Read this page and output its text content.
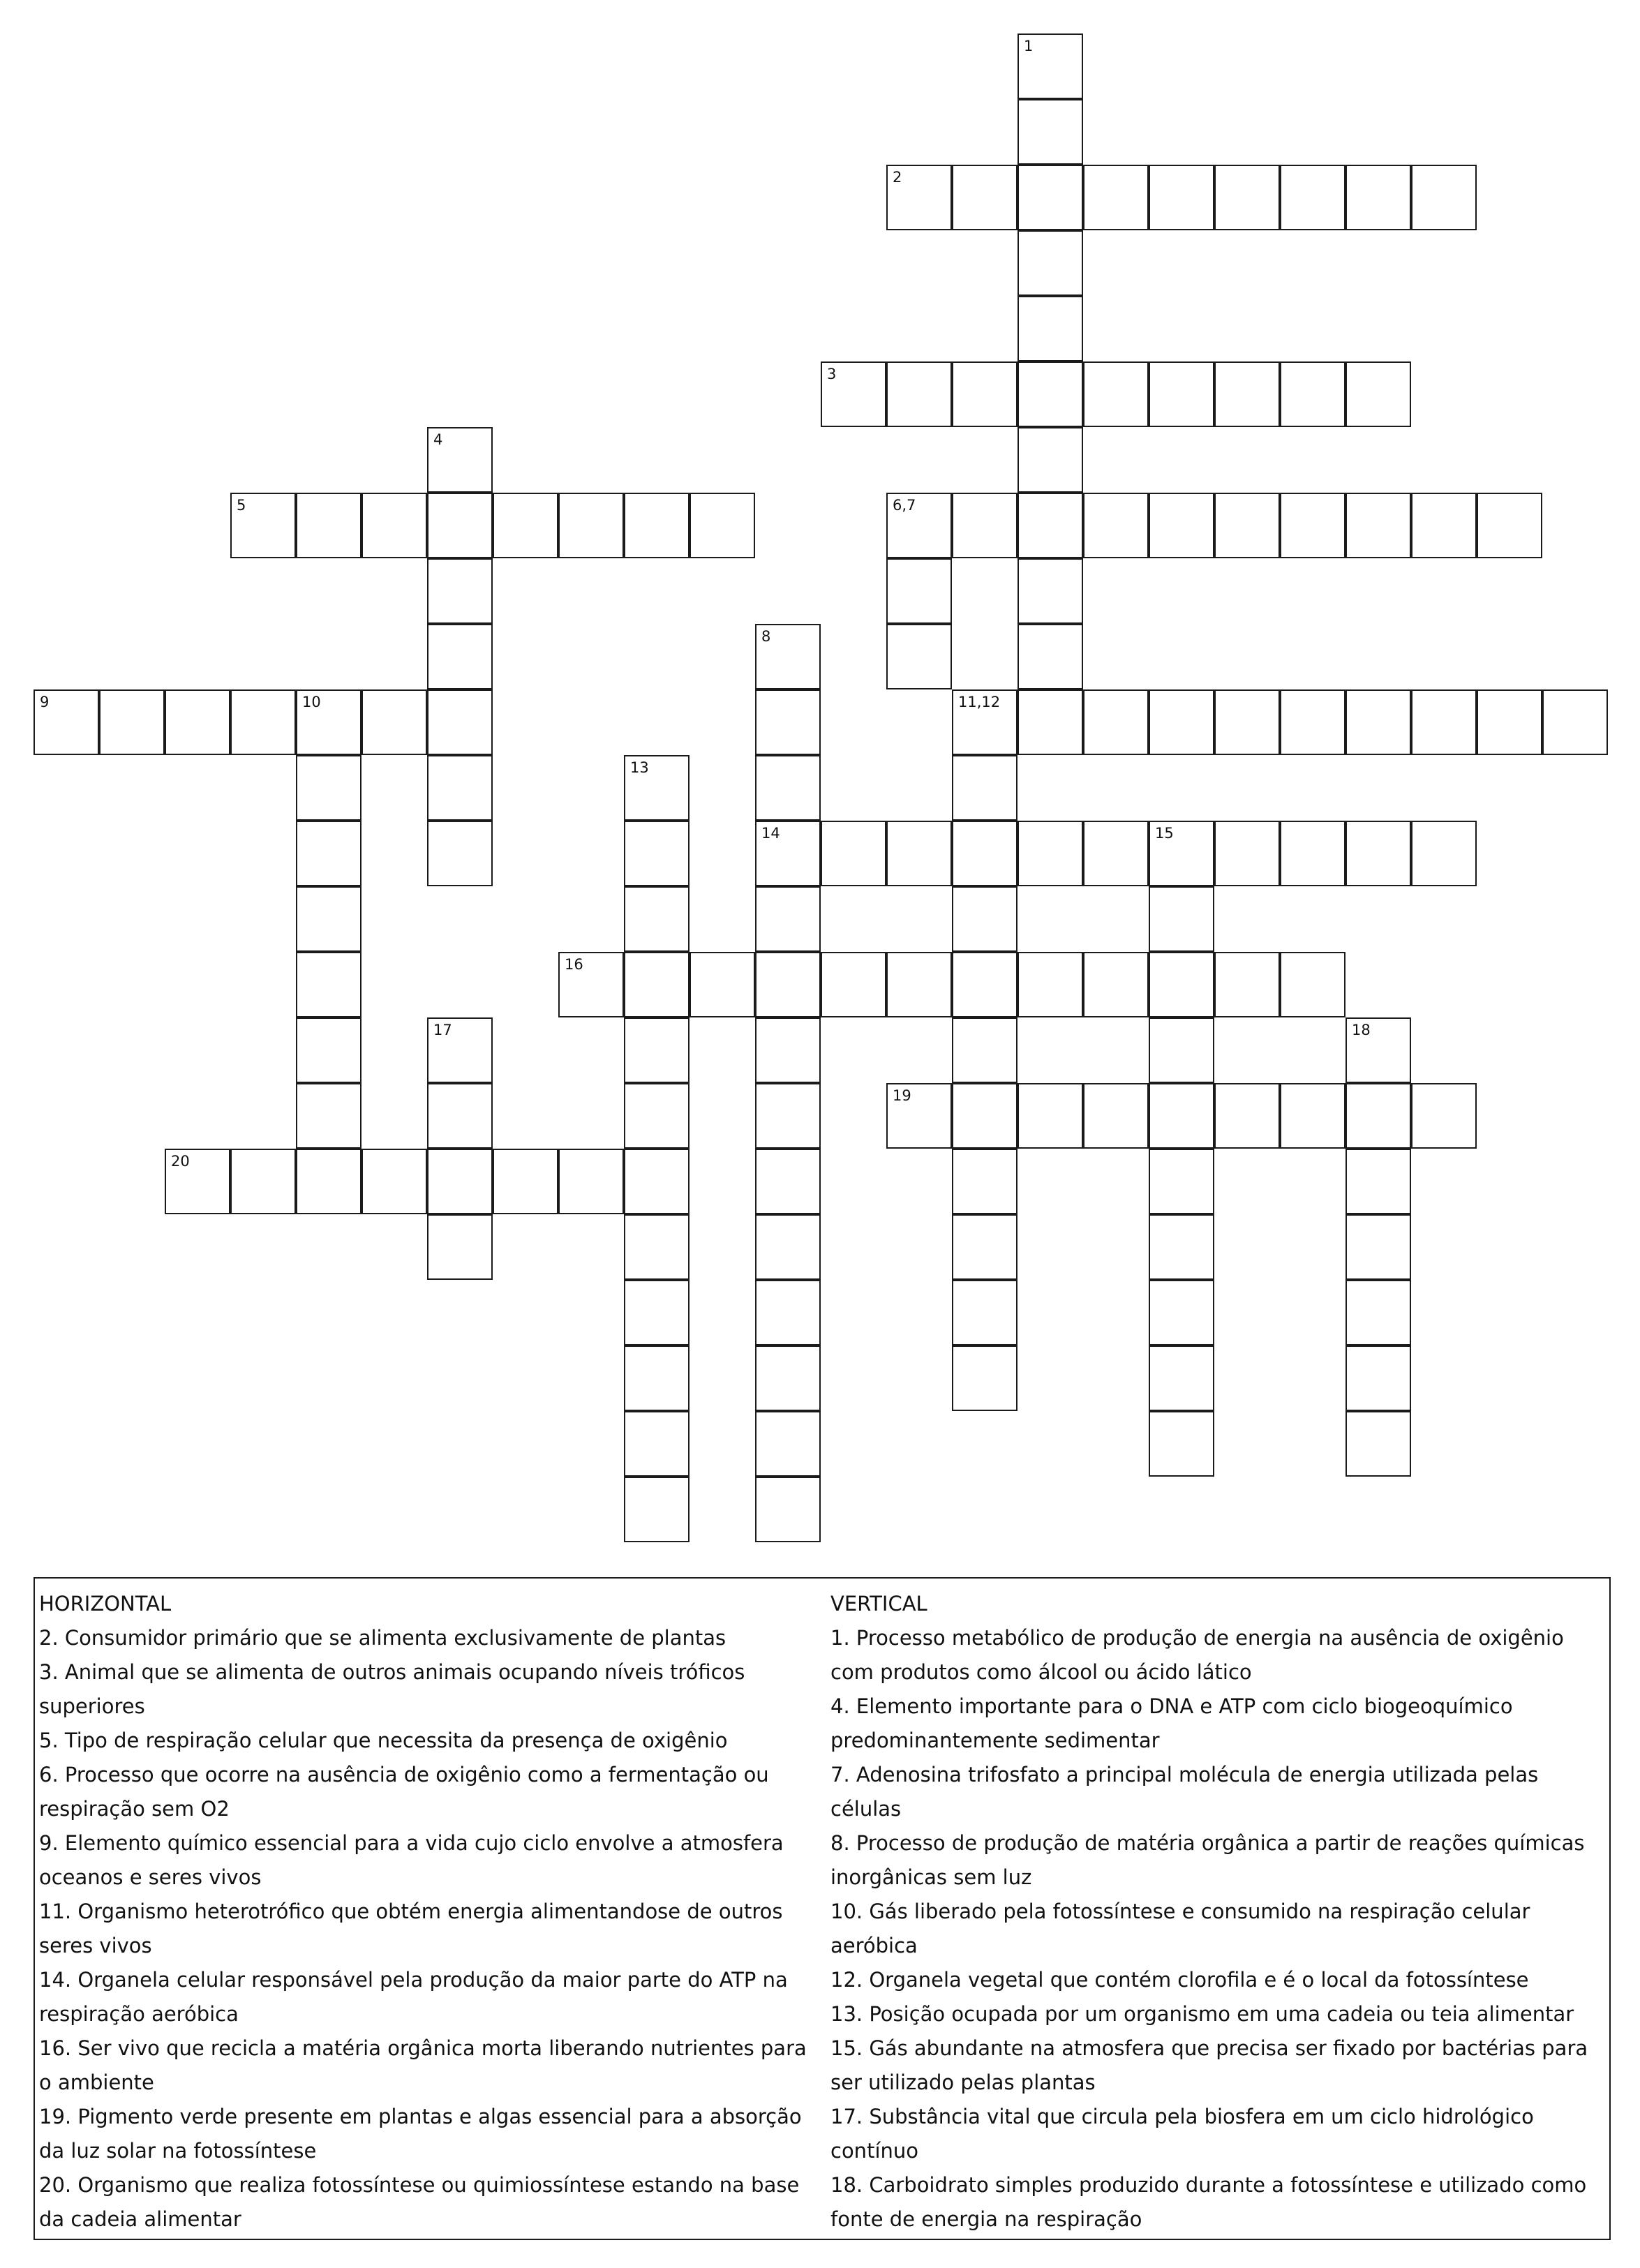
1
2
3
4
5	6,7
8
14
9	10	11,12
13
15
16
17	18
19
20

HORIZONTAL

2. Consumidor primário que se alimenta exclusivamente de plantas

3. Animal que se alimenta de outros animais ocupando níveis tróficos superiores

5. Tipo de respiração celular que necessita da presença de oxigênio

6. Processo que ocorre na ausência de oxigênio como a fermentação ou respiração sem O2

9. Elemento químico essencial para a vida cujo ciclo envolve a atmosfera oceanos e seres vivos

11. Organismo heterotrófico que obtém energia alimentandose de outros seres vivos

14. Organela celular responsável pela produção da maior parte do ATP na respiração aeróbica

16. Ser vivo que recicla a matéria orgânica morta liberando nutrientes para o ambiente

19. Pigmento verde presente em plantas e algas essencial para a absorção da luz solar na fotossíntese

20. Organismo que realiza fotossíntese ou quimiossíntese estando na base da cadeia alimentar

VERTICAL

1. Processo metabólico de produção de energia na ausência de oxigênio com produtos como álcool ou ácido lático

4. Elemento importante para o DNA e ATP com ciclo biogeoquímico predominantemente sedimentar

7. Adenosina trifosfato a principal molécula de energia utilizada pelas células

8. Processo de produção de matéria orgânica a partir de reações químicas inorgânicas sem luz

10. Gás liberado pela fotossíntese e consumido na respiração celular aeróbica

12. Organela vegetal que contém clorofila e é o local da fotossíntese

13. Posição ocupada por um organismo em uma cadeia ou teia alimentar

15. Gás abundante na atmosfera que precisa ser fixado por bactérias para ser utilizado pelas plantas

17. Substância vital que circula pela biosfera em um ciclo hidrológico contínuo

18. Carboidrato simples produzido durante a fotossíntese e utilizado como fonte de energia na respiração
